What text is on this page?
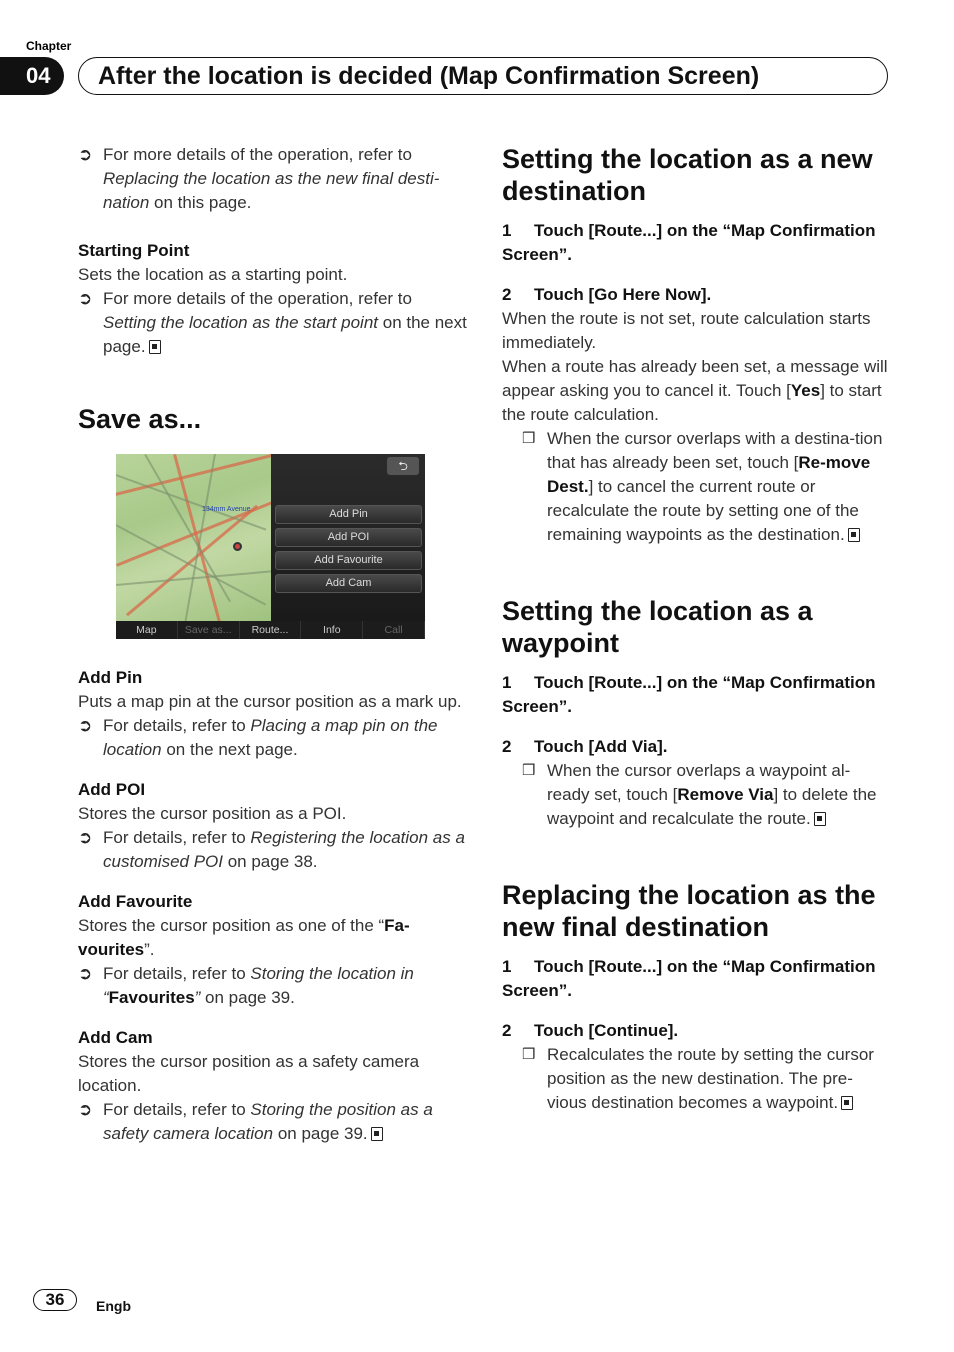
Chapter
04	After the location is decided (Map Confirmation Screen)
➲ For more details of the operation, refer to Replacing the location as the new final desti-nation on this page.

Starting Point

Sets the location as a starting point.

➲ For more details of the operation, refer to Setting the location as the start point on the next page.
Save as...
134mm Avenue
⮌
Add Pin
Add POI
Add Favourite
Add Cam
Map	Save as...	Route...	Info	Call

Add Pin

Puts a map pin at the cursor position as a mark up.

➲ For details, refer to Placing a map pin on the location on the next page.

Add POI

Stores the cursor position as a POI.

➲ For details, refer to Registering the location as a customised POI on page 38.

Add Favourite

Stores the cursor position as one of the “Fa-vourites”.

➲ For details, refer to Storing the location in “Favourites” on page 39.

Add Cam

Stores the cursor position as a safety camera location.

➲ For details, refer to Storing the position as a safety camera location on page 39.
Setting the location as a new destination

1 Touch [Route...] on the “Map Confirmation Screen”.

2 Touch [Go Here Now].

When the route is not set, route calculation starts immediately.

When a route has already been set, a message will appear asking you to cancel it. Touch [Yes] to start the route calculation.

❒ When the cursor overlaps with a destina-tion that has already been set, touch [Re-move Dest.] to cancel the current route or recalculate the route by setting one of the remaining waypoints as the destination.
Setting the location as a waypoint

1 Touch [Route...] on the “Map Confirmation Screen”.

2 Touch [Add Via].

❒ When the cursor overlaps a waypoint al-ready set, touch [Remove Via] to delete the waypoint and recalculate the route.
Replacing the location as the new final destination

1 Touch [Route...] on the “Map Confirmation Screen”.

2 Touch [Continue].

❒ Recalculates the route by setting the cursor position as the new destination. The pre-vious destination becomes a waypoint.
36	Engb
